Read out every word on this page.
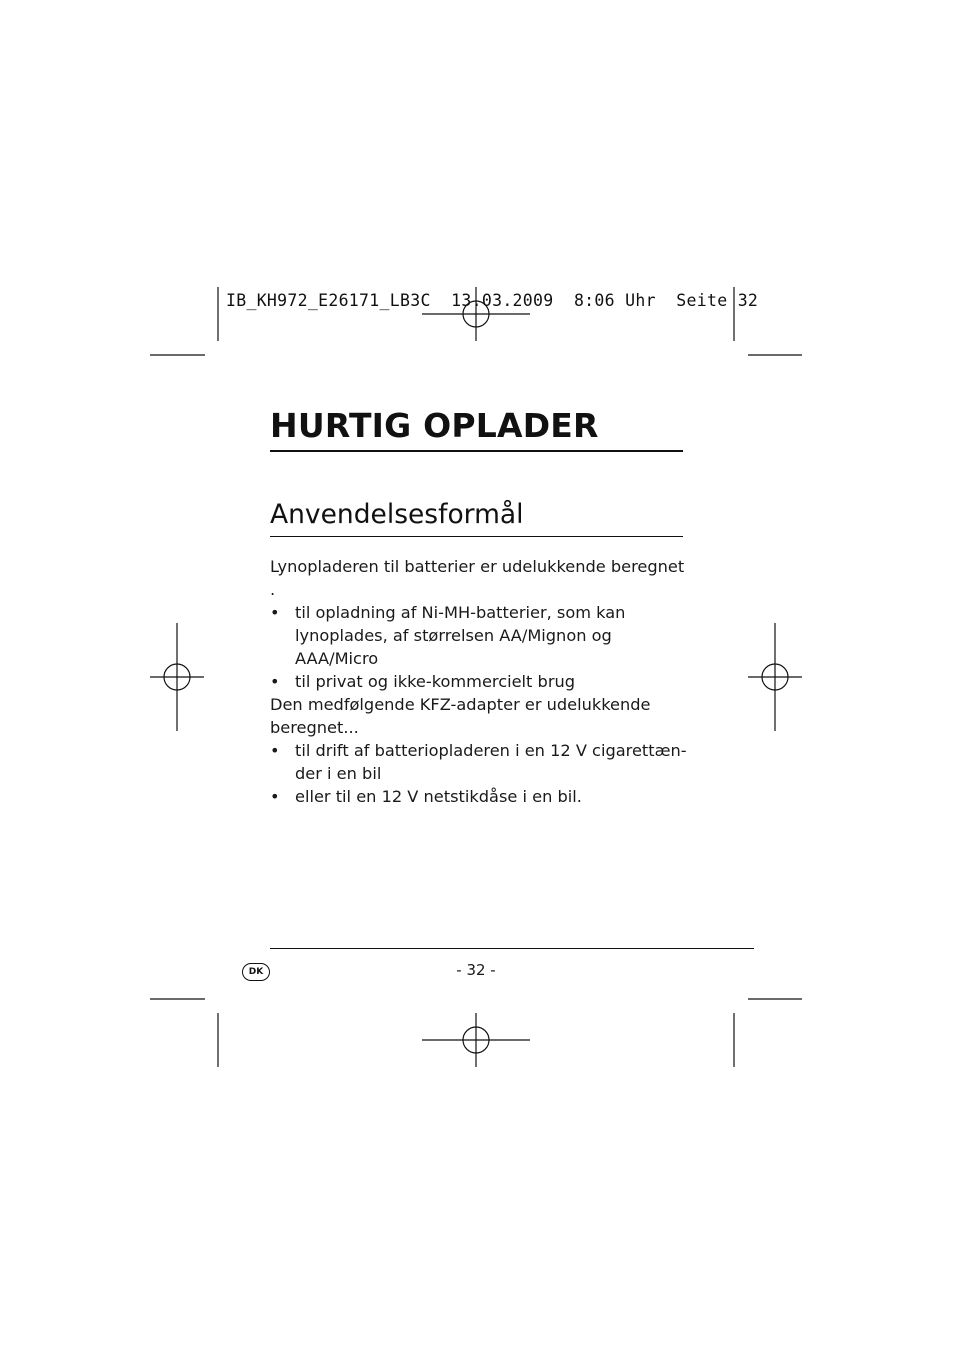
IB_KH972_E26171_LB3C  13.03.2009  8:06 Uhr  Seite 32
HURTIG OPLADER
Anvendelsesformål

Lynopladeren til batterier er udelukkende beregnet .

• til opladning af Ni-MH-batterier, som kan
lynoplades, af størrelsen AA/Mignon og
AAA/Micro
• til privat og ikke-kommercielt brug

Den medfølgende KFZ-adapter er udelukkende
beregnet...

• til drift af batteriopladeren i en 12 V cigarettæn-
der i en bil
• eller til en 12 V netstikdåse i en bil.
DK	- 32 -
